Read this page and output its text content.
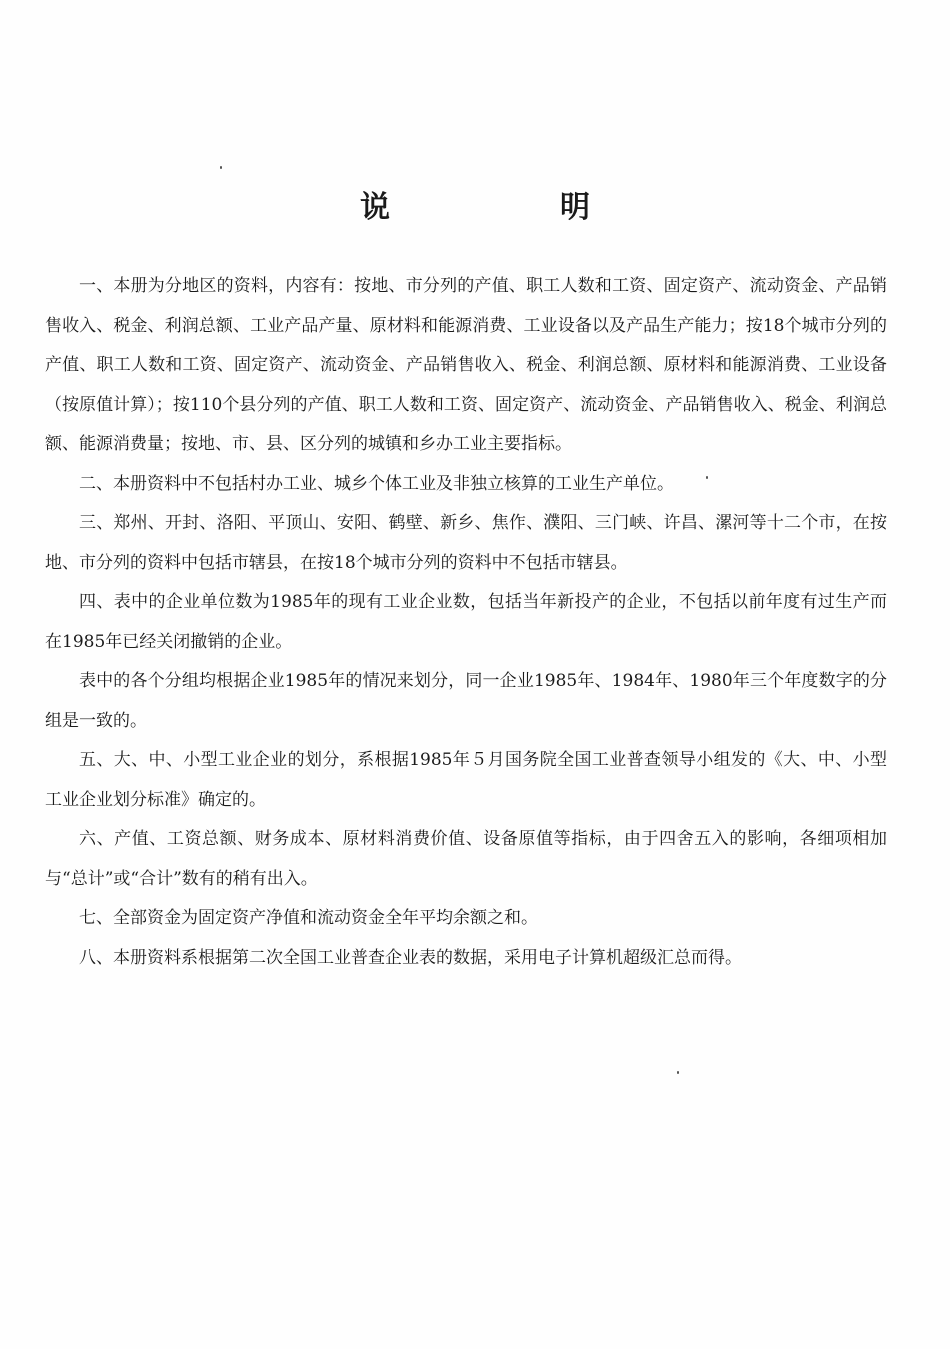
说	明

一、本册为分地区的资料，内容有：按地、市分列的产值、职工人数和工资、固定资产、流动资金、产品销售收入、税金、利润总额、工业产品产量、原材料和能源消费、工业设备以及产品生产能力；按18个城市分列的产值、职工人数和工资、固定资产、流动资金、产品销售收入、税金、利润总额、原材料和能源消费、工业设备（按原值计算）；按110个县分列的产值、职工人数和工资、固定资产、流动资金、产品销售收入、税金、利润总额、能源消费量；按地、市、县、区分列的城镇和乡办工业主要指标。

二、本册资料中不包括村办工业、城乡个体工业及非独立核算的工业生产单位。

三、郑州、开封、洛阳、平顶山、安阳、鹤壁、新乡、焦作、濮阳、三门峡、许昌、漯河等十二个市，在按地、市分列的资料中包括市辖县，在按18个城市分列的资料中不包括市辖县。

四、表中的企业单位数为1985年的现有工业企业数，包括当年新投产的企业，不包括以前年度有过生产而在1985年已经关闭撤销的企业。

表中的各个分组均根据企业1985年的情况来划分，同一企业1985年、1984年、1980年三个年度数字的分组是一致的。

五、大、中、小型工业企业的划分，系根据1985年５月国务院全国工业普查领导小组发的《大、中、小型工业企业划分标准》确定的。

六、产值、工资总额、财务成本、原材料消费价值、设备原值等指标，由于四舍五入的影响，各细项相加与“总计”或“合计”数有的稍有出入。

七、全部资金为固定资产净值和流动资金全年平均余额之和。

八、本册资料系根据第二次全国工业普查企业表的数据，采用电子计算机超级汇总而得。
